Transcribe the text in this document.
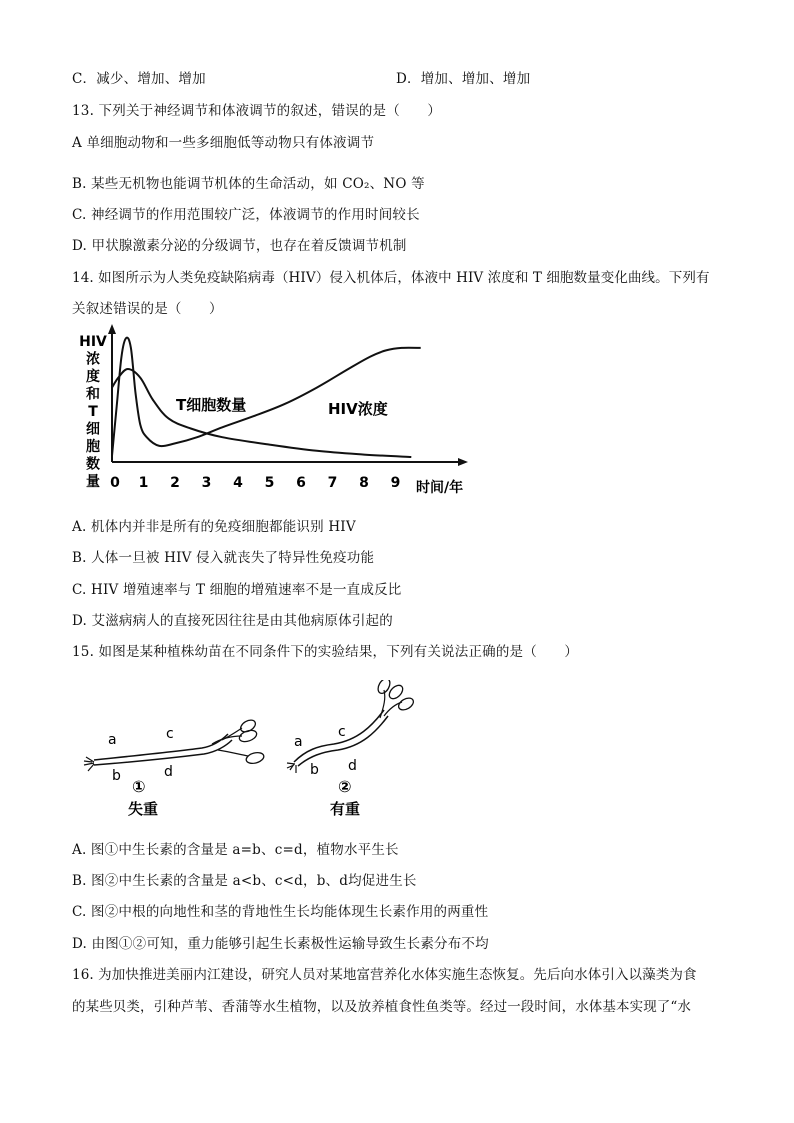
C．减少、增加、增加	D．增加、增加、增加
13. 下列关于神经调节和体液调节的叙述，错误的是（　　）
A 单细胞动物和一些多细胞低等动物只有体液调节
B. 某些无机物也能调节机体的生命活动，如 CO₂、NO 等
C. 神经调节的作用范围较广泛，体液调节的作用时间较长
D. 甲状腺激素分泌的分级调节，也存在着反馈调节机制
14. 如图所示为人类免疫缺陷病毒（HIV）侵入机体后，体液中 HIV 浓度和 T 细胞数量变化曲线。下列有
关叙述错误的是（　　）
HIV
浓
度
和
T
细
胞
数
量 0 1 2 3 4 5 6 7 8 9
T细胞数量	HIV浓度
时间/年
A. 机体内并非是所有的免疫细胞都能识别 HIV
B. 人体一旦被 HIV 侵入就丧失了特异性免疫功能
C. HIV 增殖速率与 T 细胞的增殖速率不是一直成反比
D. 艾滋病病人的直接死因往往是由其他病原体引起的
15. 如图是某种植株幼苗在不同条件下的实验结果，下列有关说法正确的是（　　）
a
b
c
d
①
失重
a
b
c
d
②
有重
A. 图①中生长素的含量是 a=b、c=d，植物水平生长
B. 图②中生长素的含量是 a<b、c<d，b、d均促进生长
C. 图②中根的向地性和茎的背地性生长均能体现生长素作用的两重性
D. 由图①②可知，重力能够引起生长素极性运输导致生长素分布不均
16. 为加快推进美丽内江建设，研究人员对某地富营养化水体实施生态恢复。先后向水体引入以藻类为食
的某些贝类，引种芦苇、香蒲等水生植物，以及放养植食性鱼类等。经过一段时间，水体基本实现了“水
